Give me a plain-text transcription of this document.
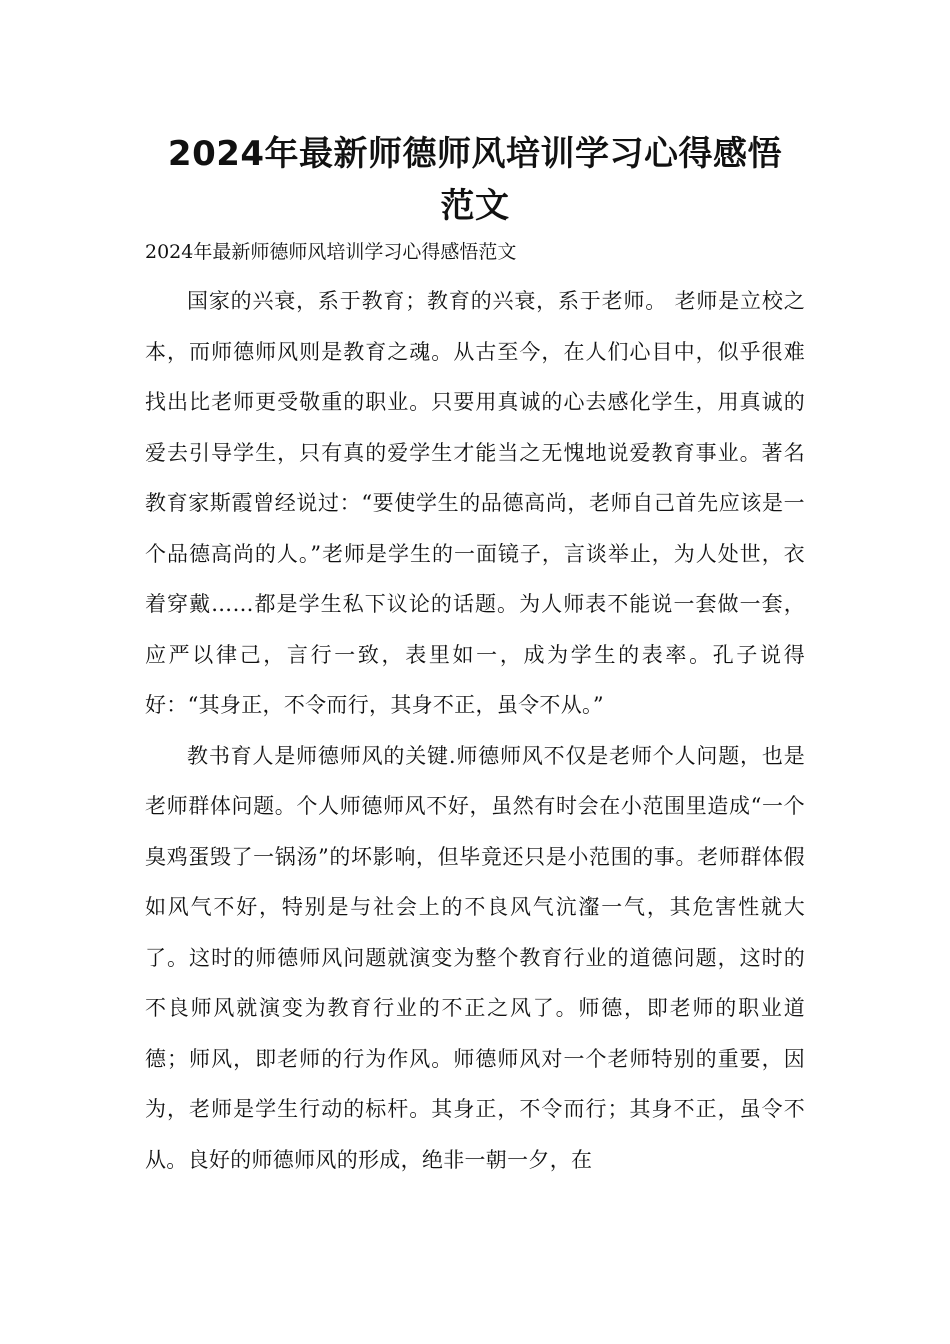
2024年最新师德师风培训学习心得感悟
范文

2024年最新师德师风培训学习心得感悟范文

国家的兴衰，系于教育；教育的兴衰，系于老师。 老师是立校之本，而师德师风则是教育之魂。从古至今，在人们心目中，似乎很难找出比老师更受敬重的职业。只要用真诚的心去感化学生，用真诚的爱去引导学生，只有真的爱学生才能当之无愧地说爱教育事业。著名教育家斯霞曾经说过：“要使学生的品德高尚，老师自己首先应该是一个品德高尚的人。”老师是学生的一面镜子，言谈举止，为人处世，衣着穿戴……都是学生私下议论的话题。为人师表不能说一套做一套，应严以律己，言行一致，表里如一，成为学生的表率。孔子说得好：“其身正，不令而行，其身不正，虽令不从。”

教书育人是师德师风的关键.师德师风不仅是老师个人问题，也是老师群体问题。个人师德师风不好，虽然有时会在小范围里造成“一个臭鸡蛋毁了一锅汤”的坏影响，但毕竟还只是小范围的事。老师群体假如风气不好，特别是与社会上的不良风气沆瀣一气，其危害性就大了。这时的师德师风问题就演变为整个教育行业的道德问题，这时的不良师风就演变为教育行业的不正之风了。师德，即老师的职业道德；师风，即老师的行为作风。师德师风对一个老师特别的重要，因为，老师是学生行动的标杆。其身正，不令而行；其身不正，虽令不从。良好的师德师风的形成，绝非一朝一夕，在
